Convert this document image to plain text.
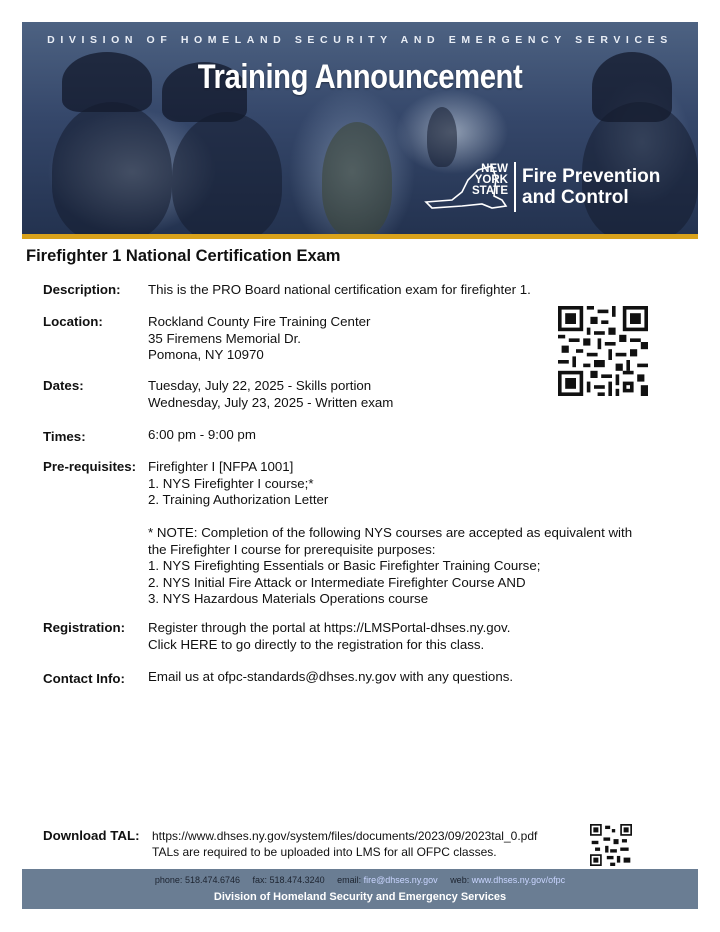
DIVISION OF HOMELAND SECURITY AND EMERGENCY SERVICES
Training Announcement
NEW
YORK
STATE
Fire Prevention
and Control
Firefighter 1 National Certification Exam
Description: This is the PRO Board national certification exam for firefighter 1.
Location:	Rockland County Fire Training Center
35 Firemens Memorial Dr.
Pomona, NY 10970
Dates:	Tuesday, July 22, 2025 - Skills portion
Wednesday, July 23, 2025 - Written exam
Times:	6:00 pm - 9:00 pm
Pre-requisites: Firefighter I [NFPA 1001]
1. NYS Firefighter I course;*
2. Training Authorization Letter
* NOTE: Completion of the following NYS courses are accepted as equivalent with
the Firefighter I course for prerequisite purposes:
1. NYS Firefighting Essentials or Basic Firefighter Training Course;
2. NYS Initial Fire Attack or Intermediate Firefighter Course AND
3. NYS Hazardous Materials Operations course
Registration: Register through the portal at https://LMSPortal-dhses.ny.gov.
Click HERE to go directly to the registration for this class.
Contact Info: Email us at ofpc-standards@dhses.ny.gov with any questions.
Download TAL: https://www.dhses.ny.gov/system/files/documents/2023/09/2023tal_0.pdf
TALs are required to be uploaded into LMS for all OFPC classes.
phone: 518.474.6746 fax: 518.474.3240 email: fire@dhses.ny.gov web: www.dhses.ny.gov/ofpc
Division of Homeland Security and Emergency Services
